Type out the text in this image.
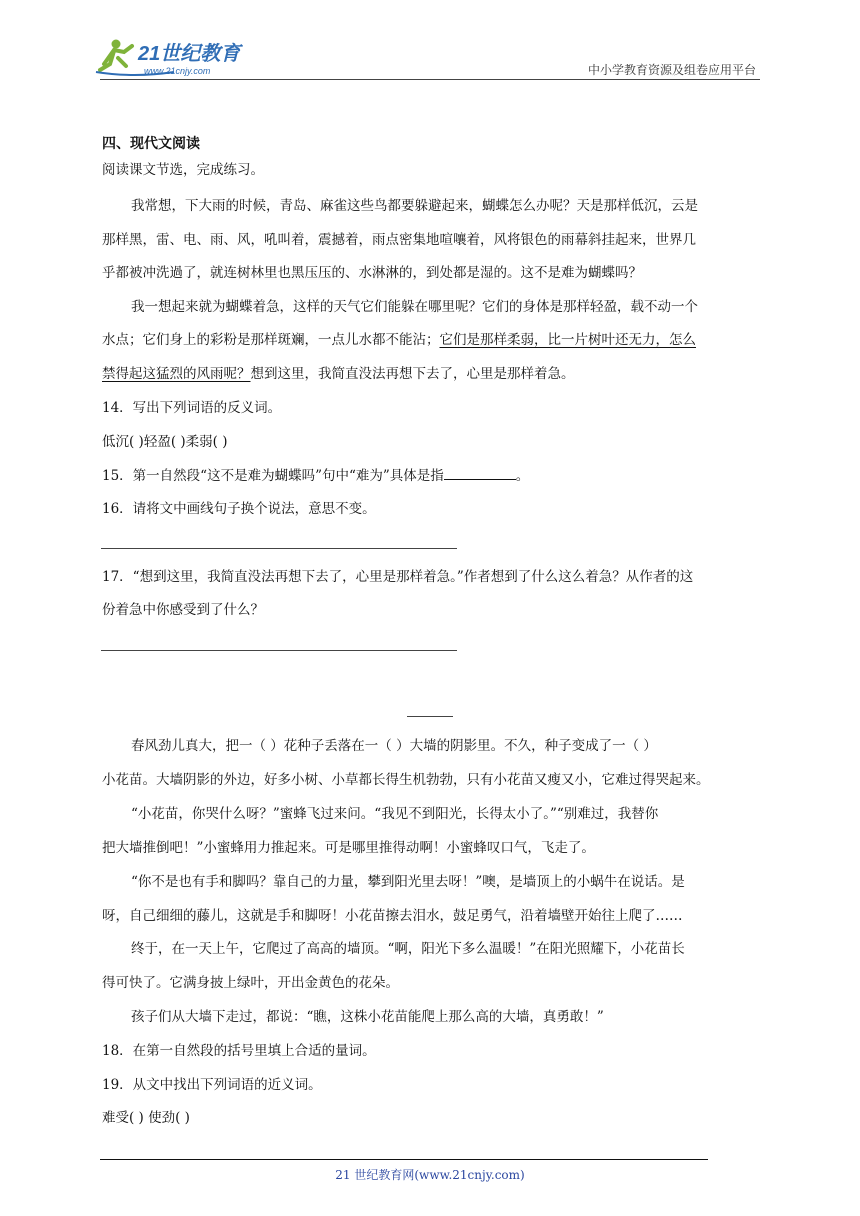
21世纪教育
www.21cnjy.com	中小学教育资源及组卷应用平台
四、现代文阅读
阅读课文节选，完成练习。
我常想，下大雨的时候，青岛、麻雀这些鸟都要躲避起来，蝴蝶怎么办呢？天是那样低沉，云是
那样黑，雷、电、雨、风，吼叫着，震撼着，雨点密集地喧嚷着，风将银色的雨幕斜挂起来，世界几
乎都被冲洗過了，就连树林里也黑压压的、水淋淋的，到处都是湿的。这不是难为蝴蝶吗？
我一想起来就为蝴蝶着急，这样的天气它们能躲在哪里呢？它们的身体是那样轻盈，载不动一个
水点；它们身上的彩粉是那样斑斓，一点儿水都不能沾；它们是那样柔弱，比一片树叶还无力，怎么
禁得起这猛烈的风雨呢？想到这里，我简直没法再想下去了，心里是那样着急。
14．写出下列词语的反义词。
低沉( )轻盈( )柔弱( )
15．第一自然段“这不是难为蝴蝶吗”句中“难为”具体是指	。
16．请将文中画线句子换个说法，意思不变。
17．“想到这里，我简直没法再想下去了，心里是那样着急。”作者想到了什么这么着急？从作者的这
份着急中你感受到了什么？
春风劲儿真大，把一（ ）花种子丢落在一（ ）大墙的阴影里。不久，种子变成了一（ ）
小花苗。大墙阴影的外边，好多小树、小草都长得生机勃勃，只有小花苗又瘦又小，它难过得哭起来。
“小花苗，你哭什么呀？”蜜蜂飞过来问。“我见不到阳光，长得太小了。”“别难过，我替你
把大墙推倒吧！”小蜜蜂用力推起来。可是哪里推得动啊！小蜜蜂叹口气，飞走了。
“你不是也有手和脚吗？靠自己的力量，攀到阳光里去呀！”噢，是墙顶上的小蜗牛在说话。是
呀，自己细细的藤儿，这就是手和脚呀！小花苗擦去泪水，鼓足勇气，沿着墙壁开始往上爬了……
终于，在一天上午，它爬过了高高的墙顶。“啊，阳光下多么温暖！”在阳光照耀下，小花苗长
得可快了。它满身披上绿叶，开出金黄色的花朵。
孩子们从大墙下走过，都说：“瞧，这株小花苗能爬上那么高的大墙，真勇敢！”
18．在第一自然段的括号里填上合适的量词。
19．从文中找出下列词语的近义词。
难受( ) 使劲( )
21 世纪教育网(www.21cnjy.com)
